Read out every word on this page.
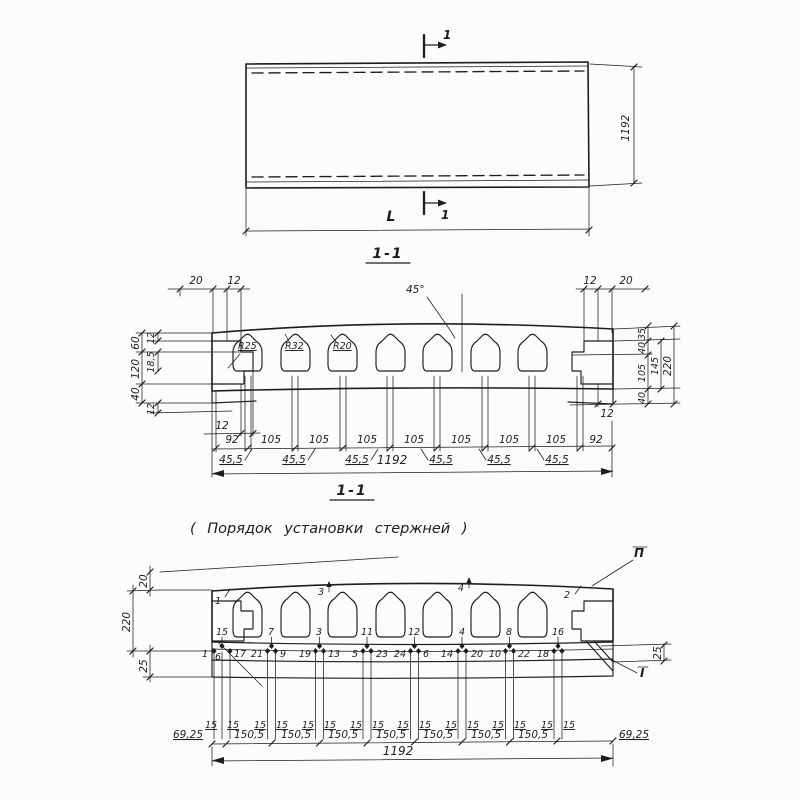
1192
L
1
1
1-1
45°
R25	R32	R20
20 12	12 20
60
120
40
12
18,5
12
12
35
40
105 145 220
40
12
92 105	105	105	105	105	105	105 92
45,5	45,5	45,5	45,5	45,5	45,5
1192
1-1
( Порядок установки стержней )
20
220
25
П
I
25
1
3	4
2
15	7	3	11	12	4	8	16
1 6 17 21 9 19 13 5 23 24 6 14 20 10 22 18
15 15 15 15 15 15 15 15 15 15 15 15 15 15 15 15
69,25	150,5 150,5 150,5 150,5 150,5 150,5 150,5	69,25
1192
